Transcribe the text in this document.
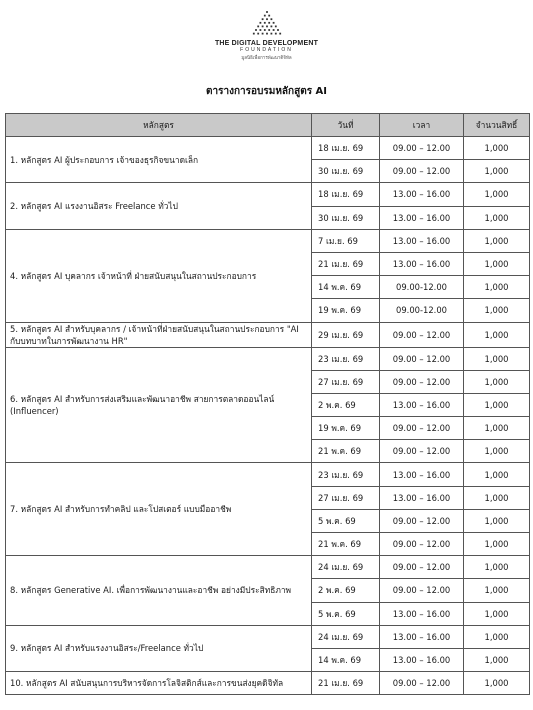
THE DIGITAL DEVELOPMENT
FOUNDATION
มูลนิธิเพื่อการพัฒนาดิจิทัล
ตารางการอบรมหลักสูตร AI
หลักสูตร	วันที่	เวลา	จำนวนสิทธิ์
1. หลักสูตร AI ผู้ประกอบการ เจ้าของธุรกิจขนาดเล็ก	18 เม.ย. 69	09.00 – 12.00	1,000
	30 เม.ย. 69	09.00 – 12.00	1,000
2. หลักสูตร AI แรงงานอิสระ Freelance ทั่วไป	18 เม.ย. 69	13.00 – 16.00	1,000
	30 เม.ย. 69	13.00 – 16.00	1,000
4. หลักสูตร AI บุคลากร เจ้าหน้าที่ ฝ่ายสนับสนุนในสถานประกอบการ	7 เม.ย. 69	13.00 – 16.00	1,000
	21 เม.ย. 69	13.00 – 16.00	1,000
	14 พ.ค. 69	09.00-12.00	1,000
	19 พ.ค. 69	09.00-12.00	1,000
5. หลักสูตร AI สำหรับบุคลากร / เจ้าหน้าที่ฝ่ายสนับสนุนในสถานประกอบการ "AI กับบทบาทในการพัฒนางาน HR"	29 เม.ย. 69	09.00 – 12.00	1,000
6. หลักสูตร AI สำหรับการส่งเสริมและพัฒนาอาชีพ สายการตลาดออนไลน์ (Influencer)	23 เม.ย. 69	09.00 – 12.00	1,000
	27 เม.ย. 69	09.00 – 12.00	1,000
	2 พ.ค. 69	13.00 – 16.00	1,000
	19 พ.ค. 69	09.00 – 12.00	1,000
	21 พ.ค. 69	09.00 – 12.00	1,000
7. หลักสูตร AI สำหรับการทำคลิป และโปสเตอร์ แบบมืออาชีพ	23 เม.ย. 69	13.00 – 16.00	1,000
	27 เม.ย. 69	13.00 – 16.00	1,000
	5 พ.ค. 69	09.00 – 12.00	1,000
	21 พ.ค. 69	09.00 – 12.00	1,000
8. หลักสูตร Generative AI. เพื่อการพัฒนางานและอาชีพ อย่างมีประสิทธิภาพ	24 เม.ย. 69	09.00 – 12.00	1,000
	2 พ.ค. 69	09.00 – 12.00	1,000
	5 พ.ค. 69	13.00 – 16.00	1,000
9. หลักสูตร AI สำหรับแรงงานอิสระ/Freelance ทั่วไป	24 เม.ย. 69	13.00 – 16.00	1,000
	14 พ.ค. 69	13.00 – 16.00	1,000
10. หลักสูตร AI สนับสนุนการบริหารจัดการโลจิสติกส์และการขนส่งยุคดิจิทัล	21 เม.ย. 69	09.00 – 12.00	1,000
